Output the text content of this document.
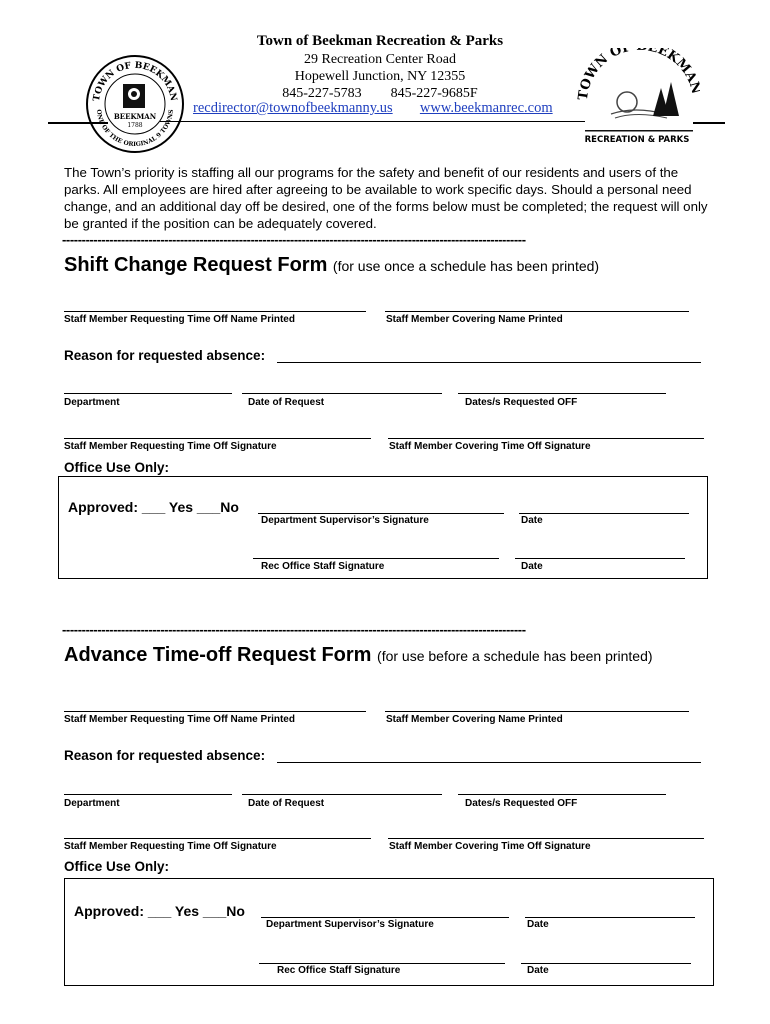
Town of Beekman Recreation & Parks
29 Recreation Center Road
Hopewell Junction, NY 12355
845-227-5783 845-227-9685F
recdirector@townofbeekmanny.us www.beekmanrec.com
TOWN OF BEEKMAN
ONE OF THE ORIGINAL 9 TOWNS
BEEKMAN
1788
TOWN OF EKMA
RECREATION & PARKS
The Town’s priority is staffing all our programs for the safety and benefit of our residents and users of the parks. All employees are hired after agreeing to be available to work specific days. Should a personal need change, and an additional day off be desired, one of the forms below must be completed; the request will only be granted if the position can be adequately covered.
----------------------------------------------------------------------------------------------------------------------
Shift Change Request Form (for use once a schedule has been printed)
Staff Member Requesting Time Off Name Printed	Staff Member Covering Name Printed
Reason for requested absence:
Department	Date of Request	Dates/s Requested OFF
Staff Member Requesting Time Off Signature	Staff Member Covering Time Off Signature
Office Use Only:
Approved: ___ Yes ___No
Department Supervisor’s Signature	Date
Rec Office Staff Signature	Date
----------------------------------------------------------------------------------------------------------------------
Advance Time-off Request Form (for use before a schedule has been printed)
Staff Member Requesting Time Off Name Printed	Staff Member Covering Name Printed
Reason for requested absence:
Department	Date of Request	Dates/s Requested OFF
Staff Member Requesting Time Off Signature	Staff Member Covering Time Off Signature
Office Use Only:
Approved: ___ Yes ___No
Department Supervisor’s Signature	Date
Rec Office Staff Signature	Date
